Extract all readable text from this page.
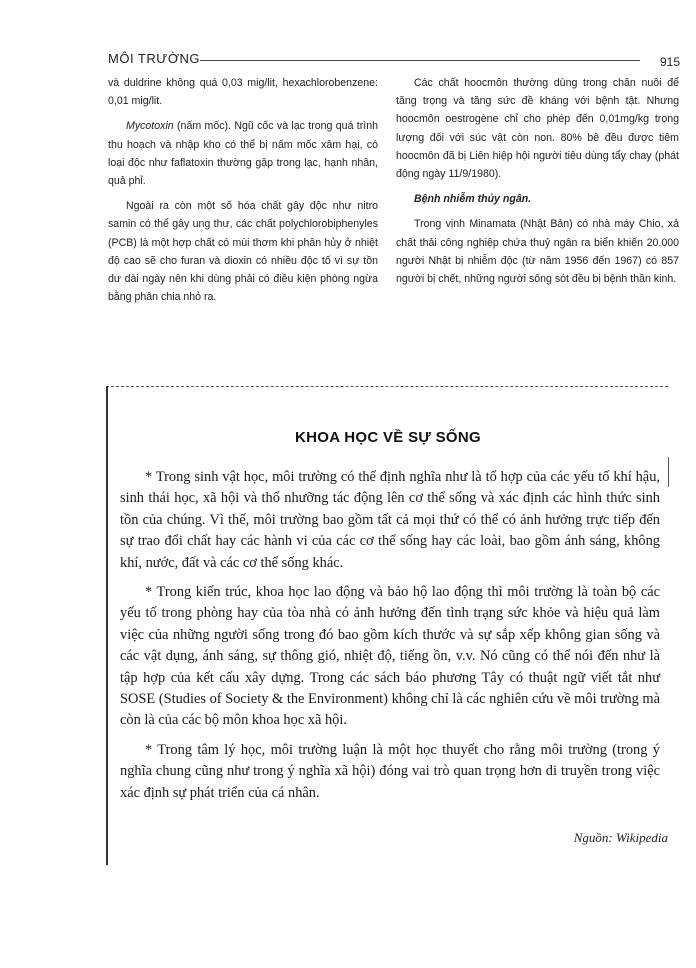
MÔI TRƯỜNG	915

và duldrine không quá 0,03 mig/lit, hexachlorobenzene: 0,01 mig/lit.

Mycotoxin (nấm mốc). Ngũ cốc và lạc trong quá trình thu hoạch và nhập kho có thể bị nấm mốc xâm hại, có loại độc như faflatoxin thường gặp trong lạc, hạnh nhân, quả phỉ.

Ngoài ra còn một số hóa chất gây độc như nitro samin có thể gây ung thư, các chất polychlorobiphenyles (PCB) là một hợp chất có mùi thơm khi phân hủy ở nhiệt độ cao sẽ cho furan và dioxin có nhiều độc tố vì sự tồn dư dài ngày nên khi dùng phải có điều kiện phòng ngừa bằng phân chia nhỏ ra.

Các chất hoocmôn thường dùng trong chăn nuôi để tăng trọng và tăng sức đề kháng với bệnh tật. Nhưng hoocmôn oestrogène chỉ cho phép đến 0,01mg/kg trọng lượng đối với súc vật còn non. 80% bê đều được tiêm hoocmôn đã bị Liên hiệp hội người tiêu dùng tẩy chay (phát động ngày 11/9/1980).

Bệnh nhiễm thủy ngân.

Trong vịnh Minamata (Nhật Bản) có nhà máy Chio, xả chất thải công nghiệp chứa thuỷ ngân ra biển khiến 20.000 người Nhật bị nhiễm độc (từ năm 1956 đến 1967) có 857 người bị chết, những người sống sót đều bị bệnh thần kinh.

KHOA HỌC VỀ SỰ SỐNG

* Trong sinh vật học, môi trường có thể định nghĩa như là tổ hợp của các yếu tố khí hậu, sinh thái học, xã hội và thổ nhưỡng tác động lên cơ thể sống và xác định các hình thức sinh tồn của chúng. Vì thế, môi trường bao gồm tất cả mọi thứ có thể có ảnh hưởng trực tiếp đến sự trao đổi chất hay các hành vi của các cơ thể sống hay các loài, bao gồm ánh sáng, không khí, nước, đất và các cơ thể sống khác.

* Trong kiến trúc, khoa học lao động và bảo hộ lao động thì môi trường là toàn bộ các yếu tố trong phòng hay của tòa nhà có ảnh hưởng đến tình trạng sức khỏe và hiệu quả làm việc của những người sống trong đó bao gồm kích thước và sự sắp xếp không gian sống và các vật dụng, ánh sáng, sự thông gió, nhiệt độ, tiếng ồn, v.v. Nó cũng có thể nói đến như là tập hợp của kết cấu xây dựng. Trong các sách báo phương Tây có thuật ngữ viết tắt như SOSE (Studies of Society & the Environment) không chỉ là các nghiên cứu về môi trường mà còn là của các bộ môn khoa học xã hội.

* Trong tâm lý học, môi trường luận là một học thuyết cho rằng môi trường (trong ý nghĩa chung cũng như trong ý nghĩa xã hội) đóng vai trò quan trọng hơn di truyền trong việc xác định sự phát triển của cá nhân.

Nguồn: Wikipedia
